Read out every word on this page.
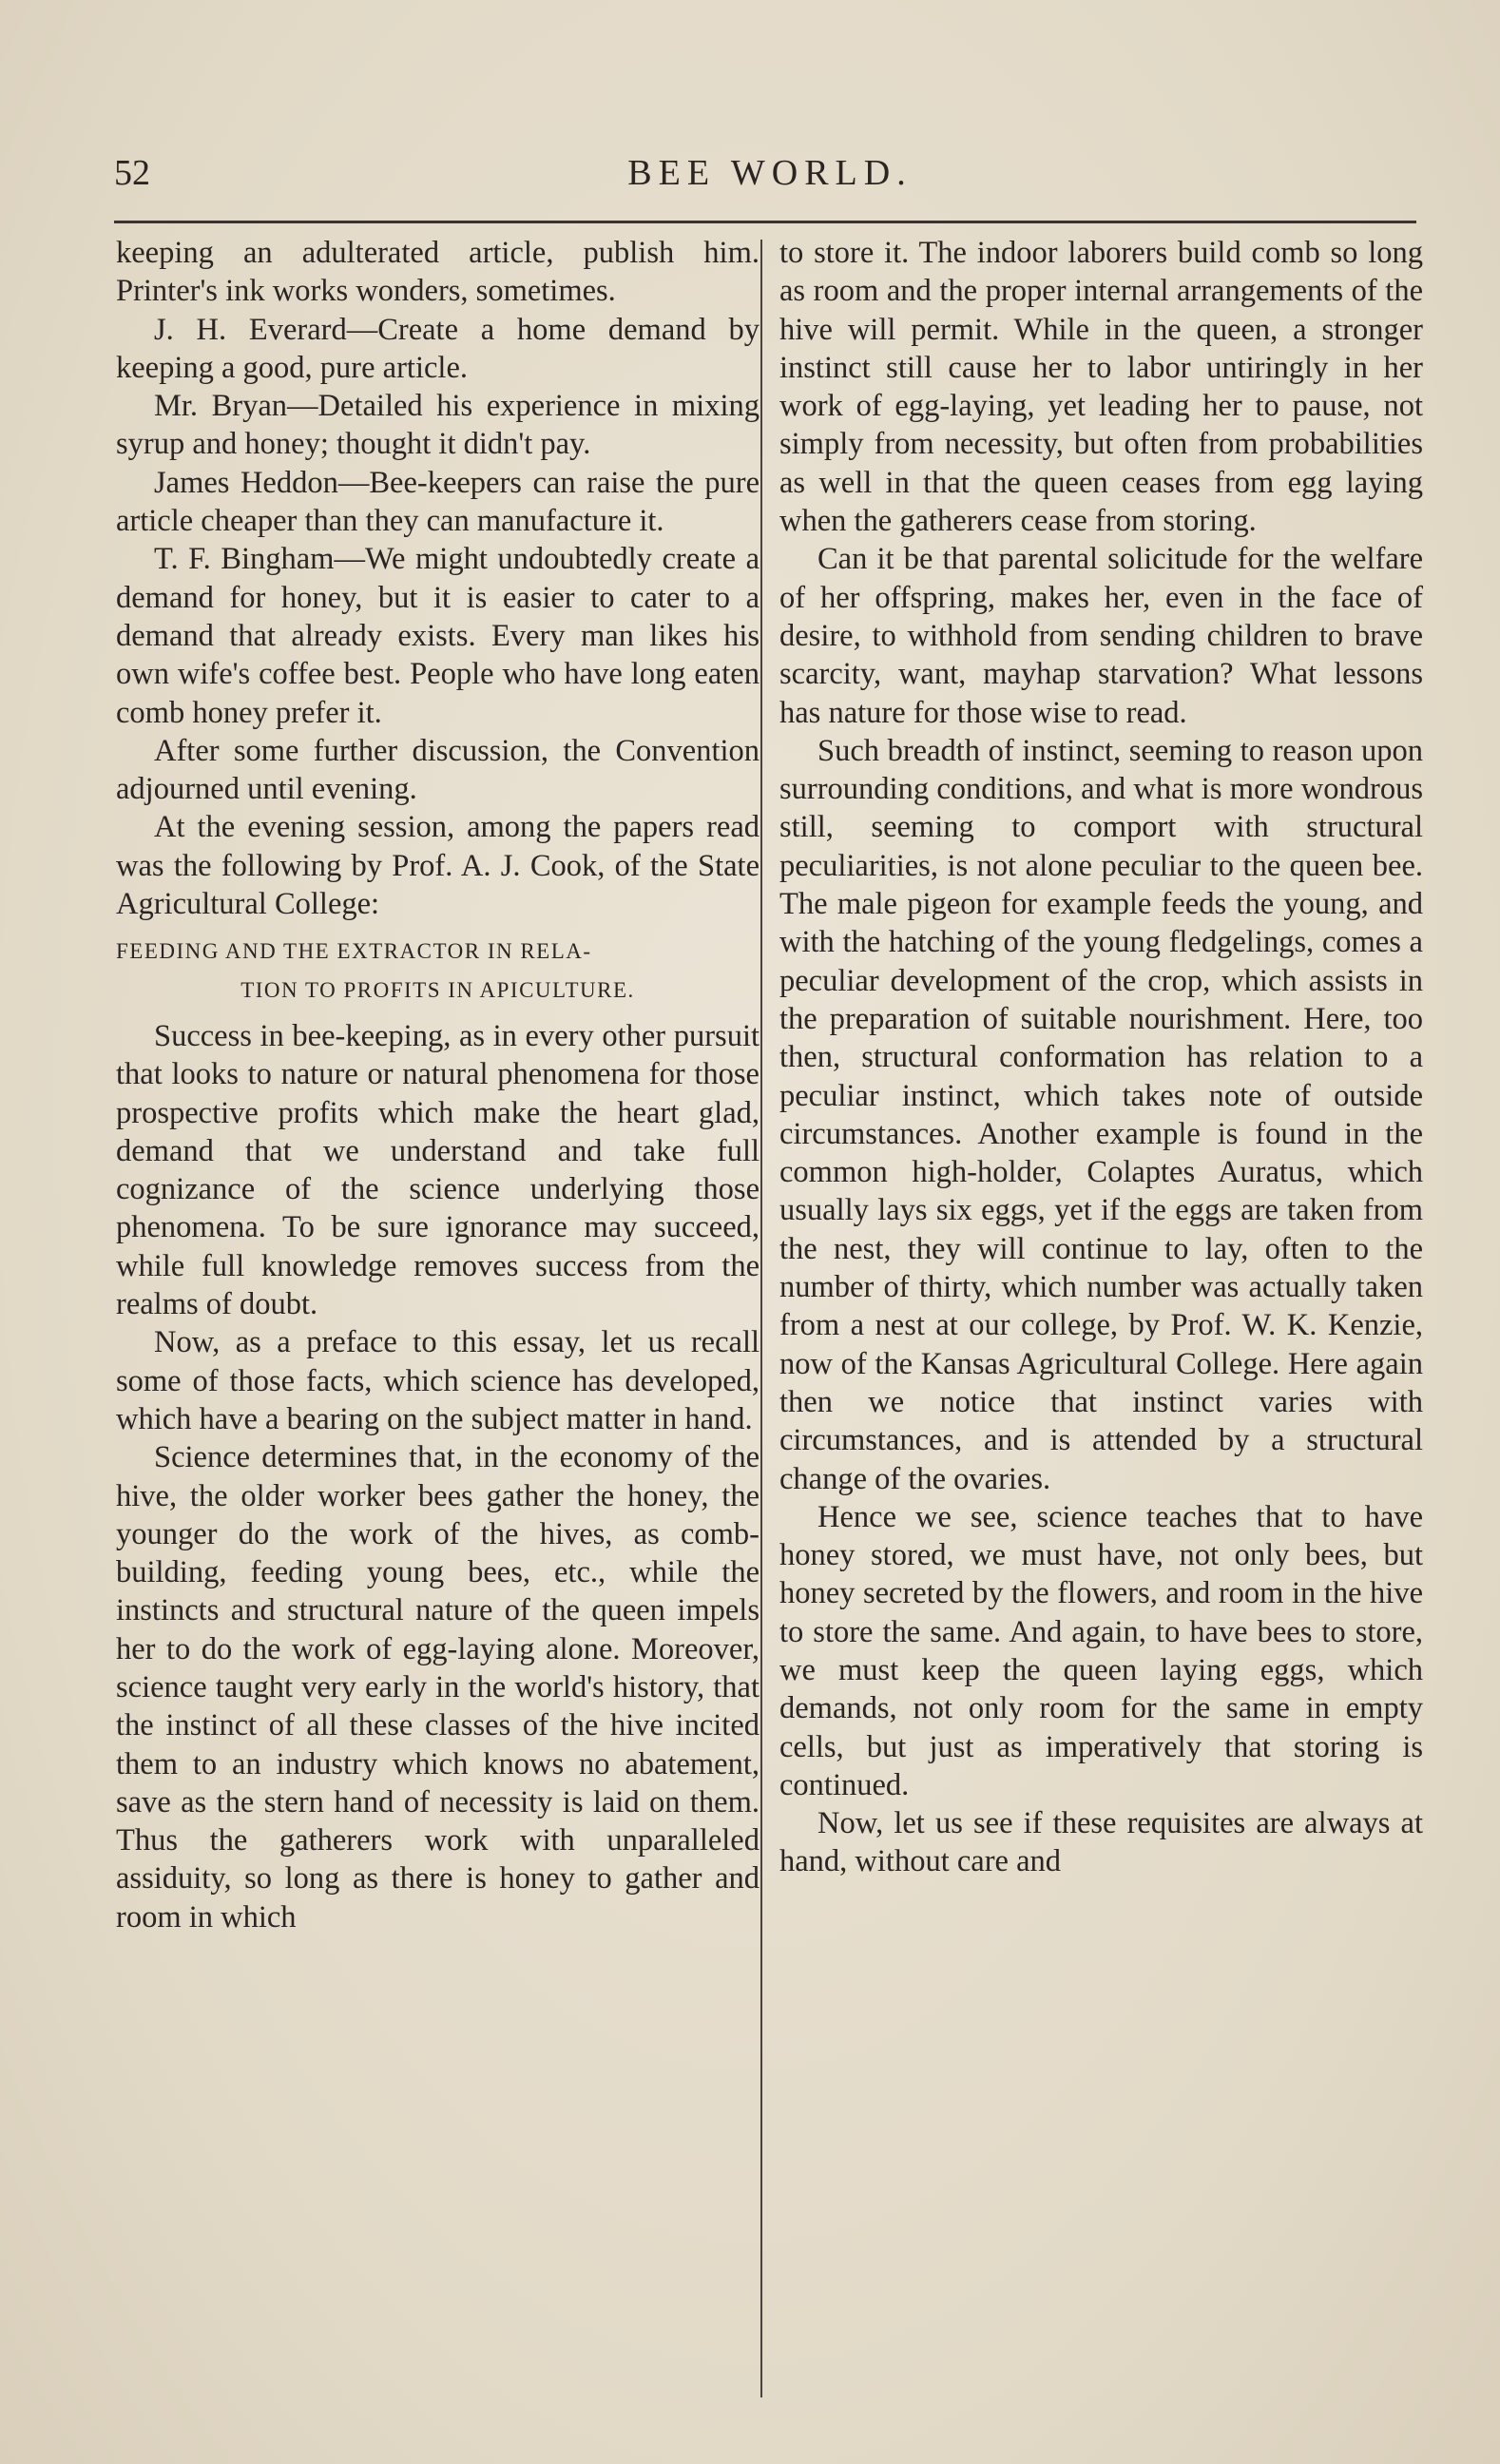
52	BEE WORLD.

keeping an adulterated article, publish him. Printer's ink works wonders, sometimes.

J. H. Everard—Create a home demand by keeping a good, pure article.

Mr. Bryan—Detailed his experience in mixing syrup and honey; thought it didn't pay.

James Heddon—Bee-keepers can raise the pure article cheaper than they can manufacture it.

T. F. Bingham—We might undoubtedly create a demand for honey, but it is easier to cater to a demand that already exists. Every man likes his own wife's coffee best. People who have long eaten comb honey prefer it.

After some further discussion, the Convention adjourned until evening.

At the evening session, among the papers read was the following by Prof. A. J. Cook, of the State Agricultural College:

FEEDING AND THE EXTRACTOR IN RELA-
TION TO PROFITS IN APICULTURE.

Success in bee-keeping, as in every other pursuit that looks to nature or natural phenomena for those prospective profits which make the heart glad, demand that we understand and take full cognizance of the science underlying those phenomena. To be sure ignorance may succeed, while full knowledge removes success from the realms of doubt.

Now, as a preface to this essay, let us recall some of those facts, which science has developed, which have a bearing on the subject matter in hand.

Science determines that, in the economy of the hive, the older worker bees gather the honey, the younger do the work of the hives, as comb-building, feeding young bees, etc., while the instincts and structural nature of the queen impels her to do the work of egg-laying alone. Moreover, science taught very early in the world's history, that the instinct of all these classes of the hive incited them to an industry which knows no abatement, save as the stern hand of necessity is laid on them. Thus the gatherers work with unparalleled assiduity, so long as there is honey to gather and room in which

to store it. The indoor laborers build comb so long as room and the proper internal arrangements of the hive will permit. While in the queen, a stronger instinct still cause her to labor untiringly in her work of egg-laying, yet leading her to pause, not simply from necessity, but often from probabilities as well in that the queen ceases from egg laying when the gatherers cease from storing.

Can it be that parental solicitude for the welfare of her offspring, makes her, even in the face of desire, to withhold from sending children to brave scarcity, want, mayhap starvation? What lessons has nature for those wise to read.

Such breadth of instinct, seeming to reason upon surrounding conditions, and what is more wondrous still, seeming to comport with structural peculiarities, is not alone peculiar to the queen bee. The male pigeon for example feeds the young, and with the hatching of the young fledgelings, comes a peculiar development of the crop, which assists in the preparation of suitable nourishment. Here, too then, structural conformation has relation to a peculiar instinct, which takes note of outside circumstances. Another example is found in the common high-holder, Colaptes Auratus, which usually lays six eggs, yet if the eggs are taken from the nest, they will continue to lay, often to the number of thirty, which number was actually taken from a nest at our college, by Prof. W. K. Kenzie, now of the Kansas Agricultural College. Here again then we notice that instinct varies with circumstances, and is attended by a structural change of the ovaries.

Hence we see, science teaches that to have honey stored, we must have, not only bees, but honey secreted by the flowers, and room in the hive to store the same. And again, to have bees to store, we must keep the queen laying eggs, which demands, not only room for the same in empty cells, but just as imperatively that storing is continued.

Now, let us see if these requisites are always at hand, without care and
